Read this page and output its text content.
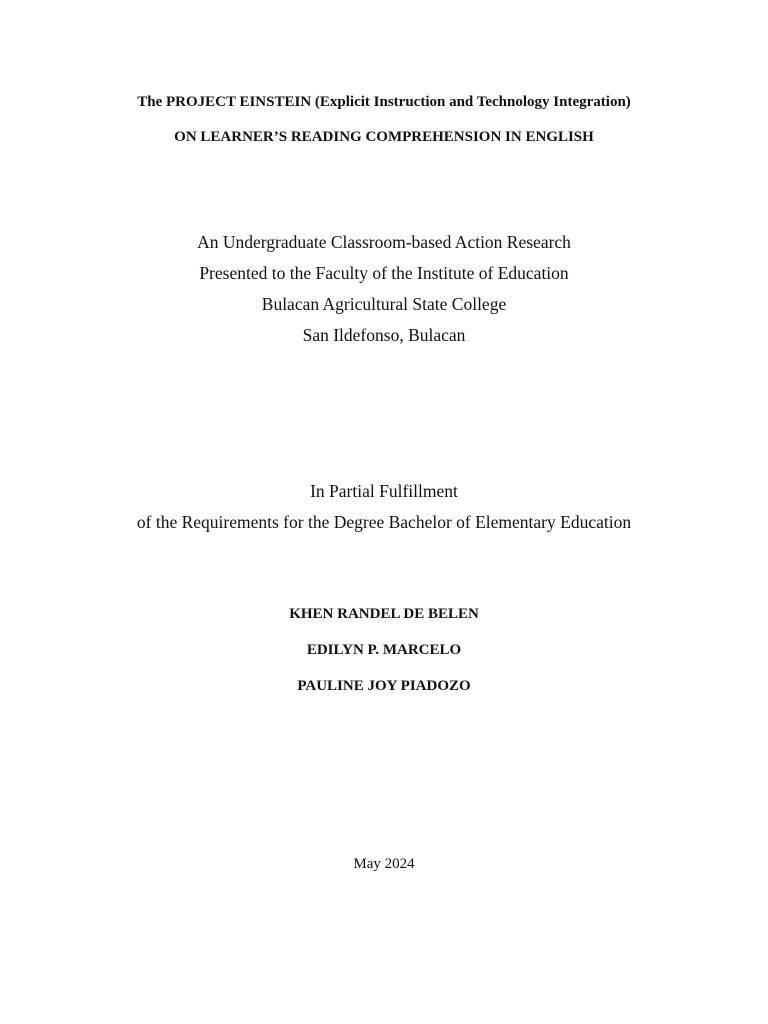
The PROJECT EINSTEIN (Explicit Instruction and Technology Integration)
ON LEARNER’S READING COMPREHENSION IN ENGLISH
An Undergraduate Classroom-based Action Research
Presented to the Faculty of the Institute of Education
Bulacan Agricultural State College
San Ildefonso, Bulacan
In Partial Fulfillment
of the Requirements for the Degree Bachelor of Elementary Education
KHEN RANDEL DE BELEN
EDILYN P. MARCELO
PAULINE JOY PIADOZO
May 2024
